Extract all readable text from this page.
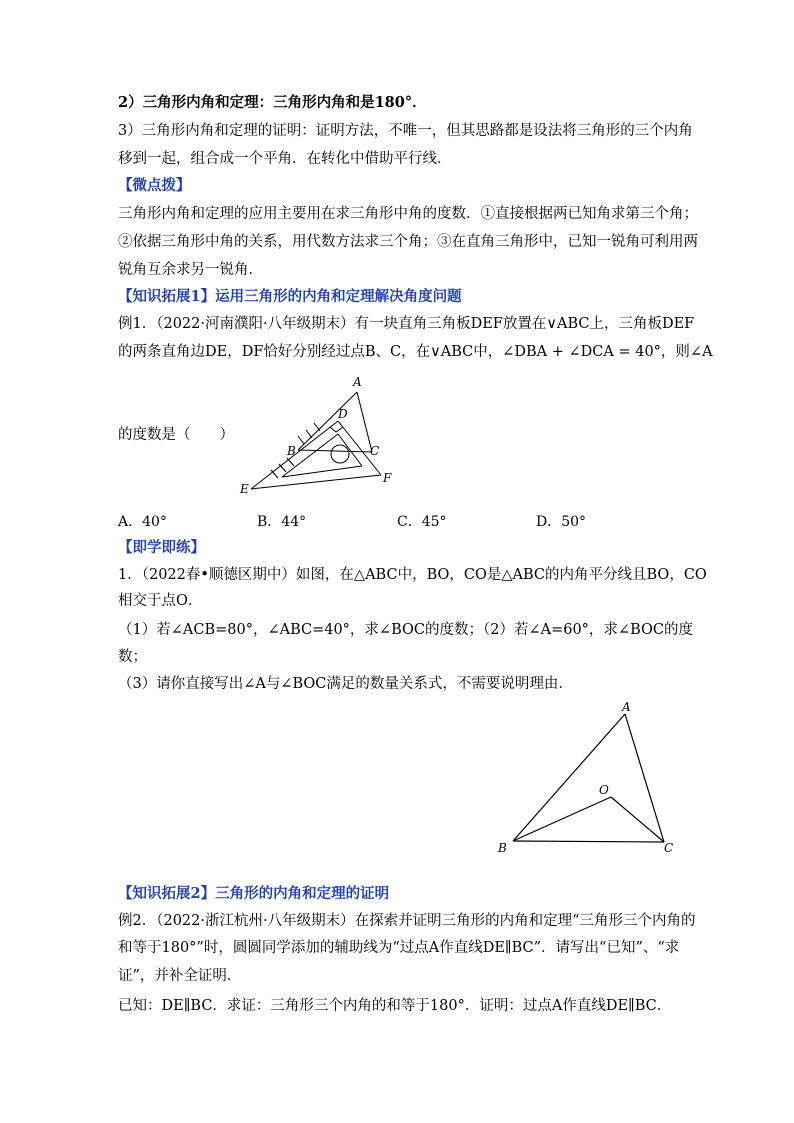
2）三角形内角和定理：三角形内角和是180°．
3）三角形内角和定理的证明：证明方法，不唯一，但其思路都是设法将三角形的三个内角
移到一起，组合成一个平角．在转化中借助平行线．
【微点拨】
三角形内角和定理的应用主要用在求三角形中角的度数．①直接根据两已知角求第三个角；
②依据三角形中角的关系，用代数方法求三个角；③在直角三角形中，已知一锐角可利用两
锐角互余求另一锐角．
【知识拓展1】运用三角形的内角和定理解决角度问题
例1．（2022·河南濮阳·八年级期末）有一块直角三角板DEF放置在∨ABC上，三角板DEF
的两条直角边DE，DF恰好分别经过点B、C，在∨ABC中，∠DBA + ∠DCA = 40°，则∠A
的度数是（　　）
A
D
B	C
F
E
A．40°	B．44°	C．45°	D．50°
【即学即练】
1．（2022春•顺德区期中）如图，在△ABC中，BO，CO是△ABC的内角平分线且BO，CO
相交于点O．
（1）若∠ACB=80°，∠ABC=40°，求∠BOC的度数；（2）若∠A=60°，求∠BOC的度
数；
（3）请你直接写出∠A与∠BOC满足的数量关系式，不需要说明理由．
A
O
B	C
【知识拓展2】三角形的内角和定理的证明
例2．（2022·浙江杭州·八年级期末）在探索并证明三角形的内角和定理“三角形三个内角的
和等于180°”时，圆圆同学添加的辅助线为“过点A作直线DE∥BC”．请写出“已知”、“求
证”，并补全证明．
已知：DE∥BC．求证：三角形三个内角的和等于180°．证明：过点A作直线DE∥BC．
